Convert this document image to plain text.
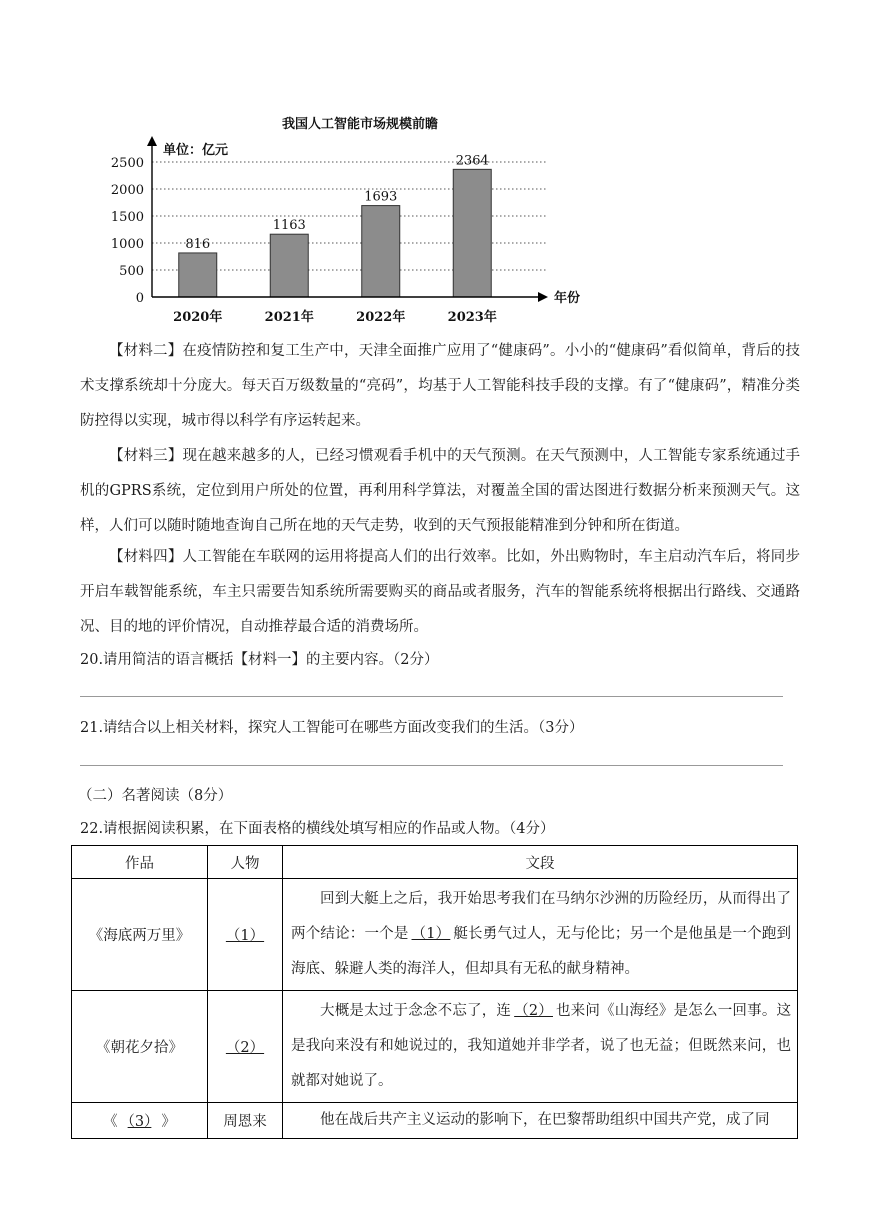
我国人工智能市场规模前瞻
单位：亿元
0
500
1000
1500
2000
2500
816
1163
1693
2364
2020年	2021年	2022年	2023年
年份

【材料二】在疫情防控和复工生产中，天津全面推广应用了“健康码”。小小的“健康码”看似简单，背后的技术支撑系统却十分庞大。每天百万级数量的“亮码”，均基于人工智能科技手段的支撑。有了“健康码”，精准分类防控得以实现，城市得以科学有序运转起来。

【材料三】现在越来越多的人，已经习惯观看手机中的天气预测。在天气预测中，人工智能专家系统通过手机的GPRS系统，定位到用户所处的位置，再利用科学算法，对覆盖全国的雷达图进行数据分析来预测天气。这样，人们可以随时随地查询自己所在地的天气走势，收到的天气预报能精准到分钟和所在街道。

【材料四】人工智能在车联网的运用将提高人们的出行效率。比如，外出购物时，车主启动汽车后，将同步开启车载智能系统，车主只需要告知系统所需要购买的商品或者服务，汽车的智能系统将根据出行路线、交通路况、目的地的评价情况，自动推荐最合适的消费场所。

20.请用简洁的语言概括【材料一】的主要内容。（2分）

21.请结合以上相关材料，探究人工智能可在哪些方面改变我们的生活。（3分）

（二）名著阅读（8分）

22.请根据阅读积累，在下面表格的横线处填写相应的作品或人物。（4分）

作品	人物	文段
《海底两万里》	（1）	回到大艇上之后，我开始思考我们在马纳尔沙洲的历险经历，从而得出了两个结论：一个是 （1） 艇长勇气过人，无与伦比；另一个是他虽是一个跑到海底、躲避人类的海洋人，但却具有无私的献身精神。
《朝花夕拾》	（2）	大概是太过于念念不忘了，连 （2） 也来问《山海经》是怎么一回事。这是我向来没有和她说过的，我知道她并非学者，说了也无益；但既然来问，也就都对她说了。
《 （3） 》	周恩来	他在战后共产主义运动的影响下，在巴黎帮助组织中国共产党，成了同
